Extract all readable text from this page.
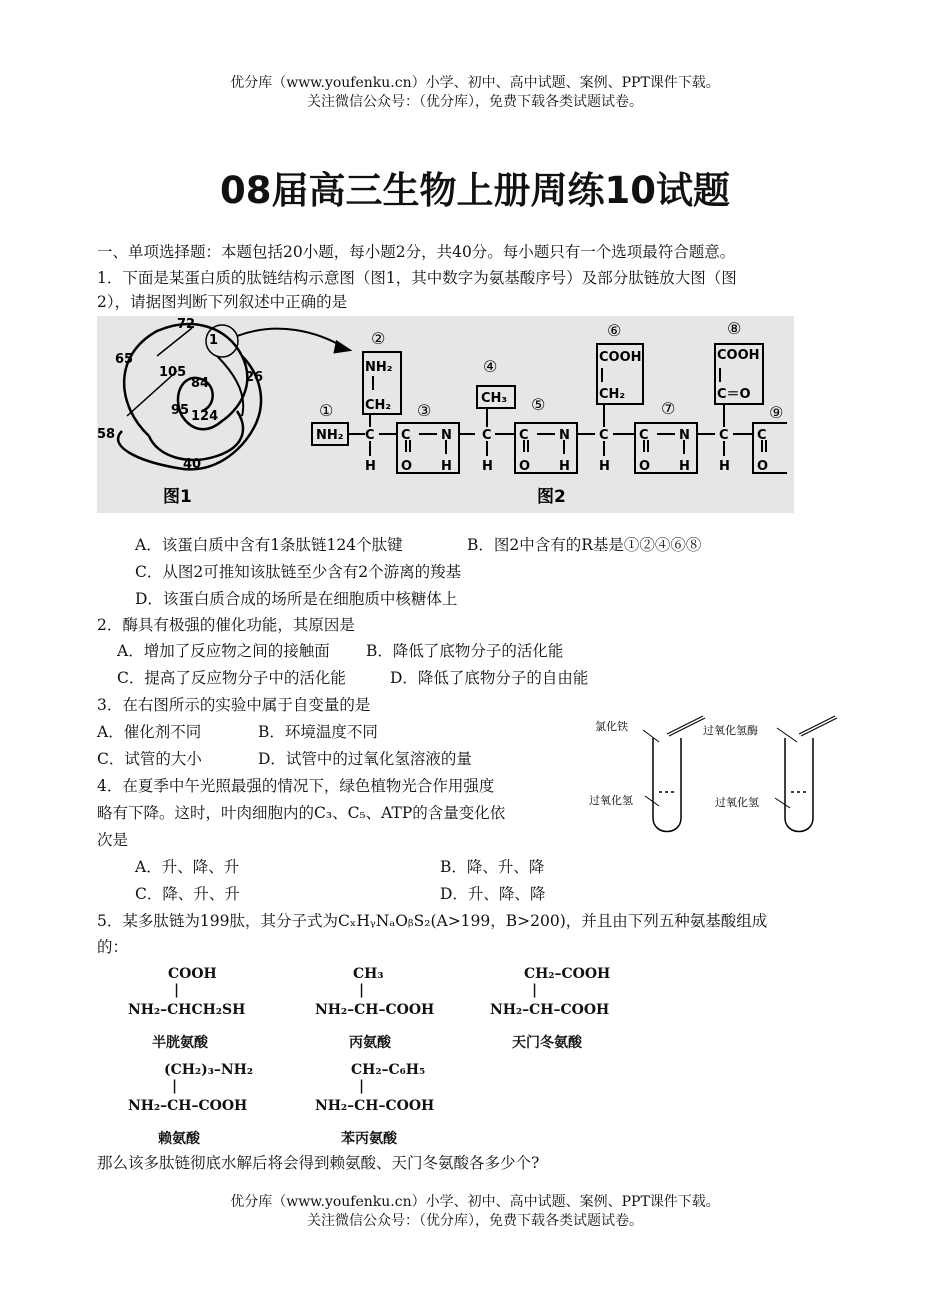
优分库（www.youfenku.cn）小学、初中、高中试题、案例、PPT课件下载。
关注微信公众号：（优分库），免费下载各类试题试卷。
08届高三生物上册周练10试题
一、单项选择题：本题包括20小题，每小题2分，共40分。每小题只有一个选项最符合题意。
1．下面是某蛋白质的肽链结构示意图（图1，其中数字为氨基酸序号）及部分肽链放大图（图
2），请据图判断下列叙述中正确的是
72
65
1
105
84	26
95 124
58
40
图1	图2
NH₂
NH₂
CH₂
C
H
C
O
N
H
CH₃
C
H
C
O
N
H
COOH
CH₂
C
H
C
O
N
H
COOH
C＝O
C
H
C
O
①
②
③
④
⑤
⑥
⑦
⑧
⑨
A．该蛋白质中含有1条肽链124个肽键	B．图2中含有的R基是①②④⑥⑧
C．从图2可推知该肽链至少含有2个游离的羧基
D．该蛋白质合成的场所是在细胞质中核糖体上
2．酶具有极强的催化功能，其原因是
A．增加了反应物之间的接触面 B．降低了底物分子的活化能
C．提高了反应物分子中的活化能	D．降低了底物分子的自由能
3．在右图所示的实验中属于自变量的是
A．催化剂不同	B．环境温度不同
C．试管的大小	D．试管中的过氧化氢溶液的量
氯化铁	过氧化氢酶
过氧化氢	过氧化氢
4．在夏季中午光照最强的情况下，绿色植物光合作用强度
略有下降。这时，叶肉细胞内的C₃、C₅、ATP的含量变化依
次是
A．升、降、升	B．降、升、降
C．降、升、升	D．升、降、降
5．某多肽链为199肽，其分子式为CₓHᵧNₐOᵦS₂(A>199，B>200)，并且由下列五种氨基酸组成
的：
COOH
|
NH₂–CHCH₂SH
半胱氨酸
CH₃
|
NH₂–CH–COOH
丙氨酸
CH₂–COOH
|
NH₂–CH–COOH
天门冬氨酸
(CH₂)₃–NH₂
|
NH₂–CH–COOH
赖氨酸
CH₂–C₆H₅
|
NH₂–CH–COOH
苯丙氨酸
那么该多肽链彻底水解后将会得到赖氨酸、天门冬氨酸各多少个?
优分库（www.youfenku.cn）小学、初中、高中试题、案例、PPT课件下载。
关注微信公众号：（优分库），免费下载各类试题试卷。
